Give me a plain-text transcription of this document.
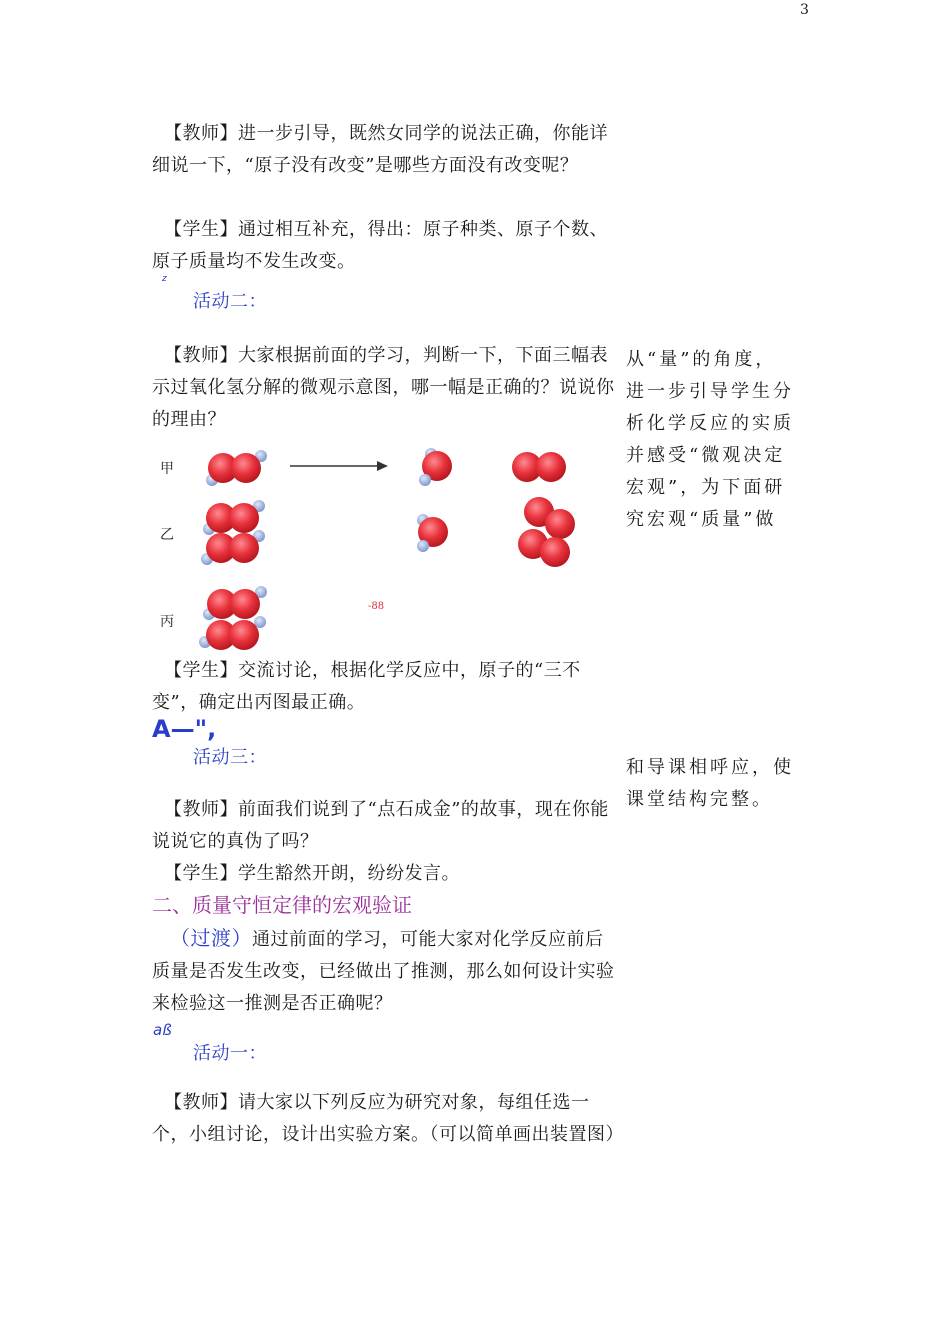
3
【教师】进一步引导，既然女同学的说法正确，你能详细说一下，“原子没有改变”是哪些方面没有改变呢？
【学生】通过相互补充，得出：原子种类、原子个数、原子质量均不发生改变。
z
活动二：
【教师】大家根据前面的学习，判断一下，下面三幅表示过氧化氢分解的微观示意图，哪一幅是正确的？说说你的理由？
甲
乙
丙
-88
【学生】交流讨论，根据化学反应中，原子的“三不变”，确定出丙图最正确。
A—",
活动三：
【教师】前面我们说到了“点石成金”的故事，现在你能说说它的真伪了吗？
【学生】学生豁然开朗，纷纷发言。
二、质量守恒定律的宏观验证
（过渡）通过前面的学习，可能大家对化学反应前后质量是否发生改变，已经做出了推测，那么如何设计实验来检验这一推测是否正确呢？
aß
活动一：
【教师】请大家以下列反应为研究对象，每组任选一个，小组讨论，设计出实验方案。（可以简单画出装置图）
从“量”的角度，进一步引导学生分析化学反应的实质并感受“微观决定宏观”，为下面研究宏观“质量”做
和导课相呼应，使课堂结构完整。
